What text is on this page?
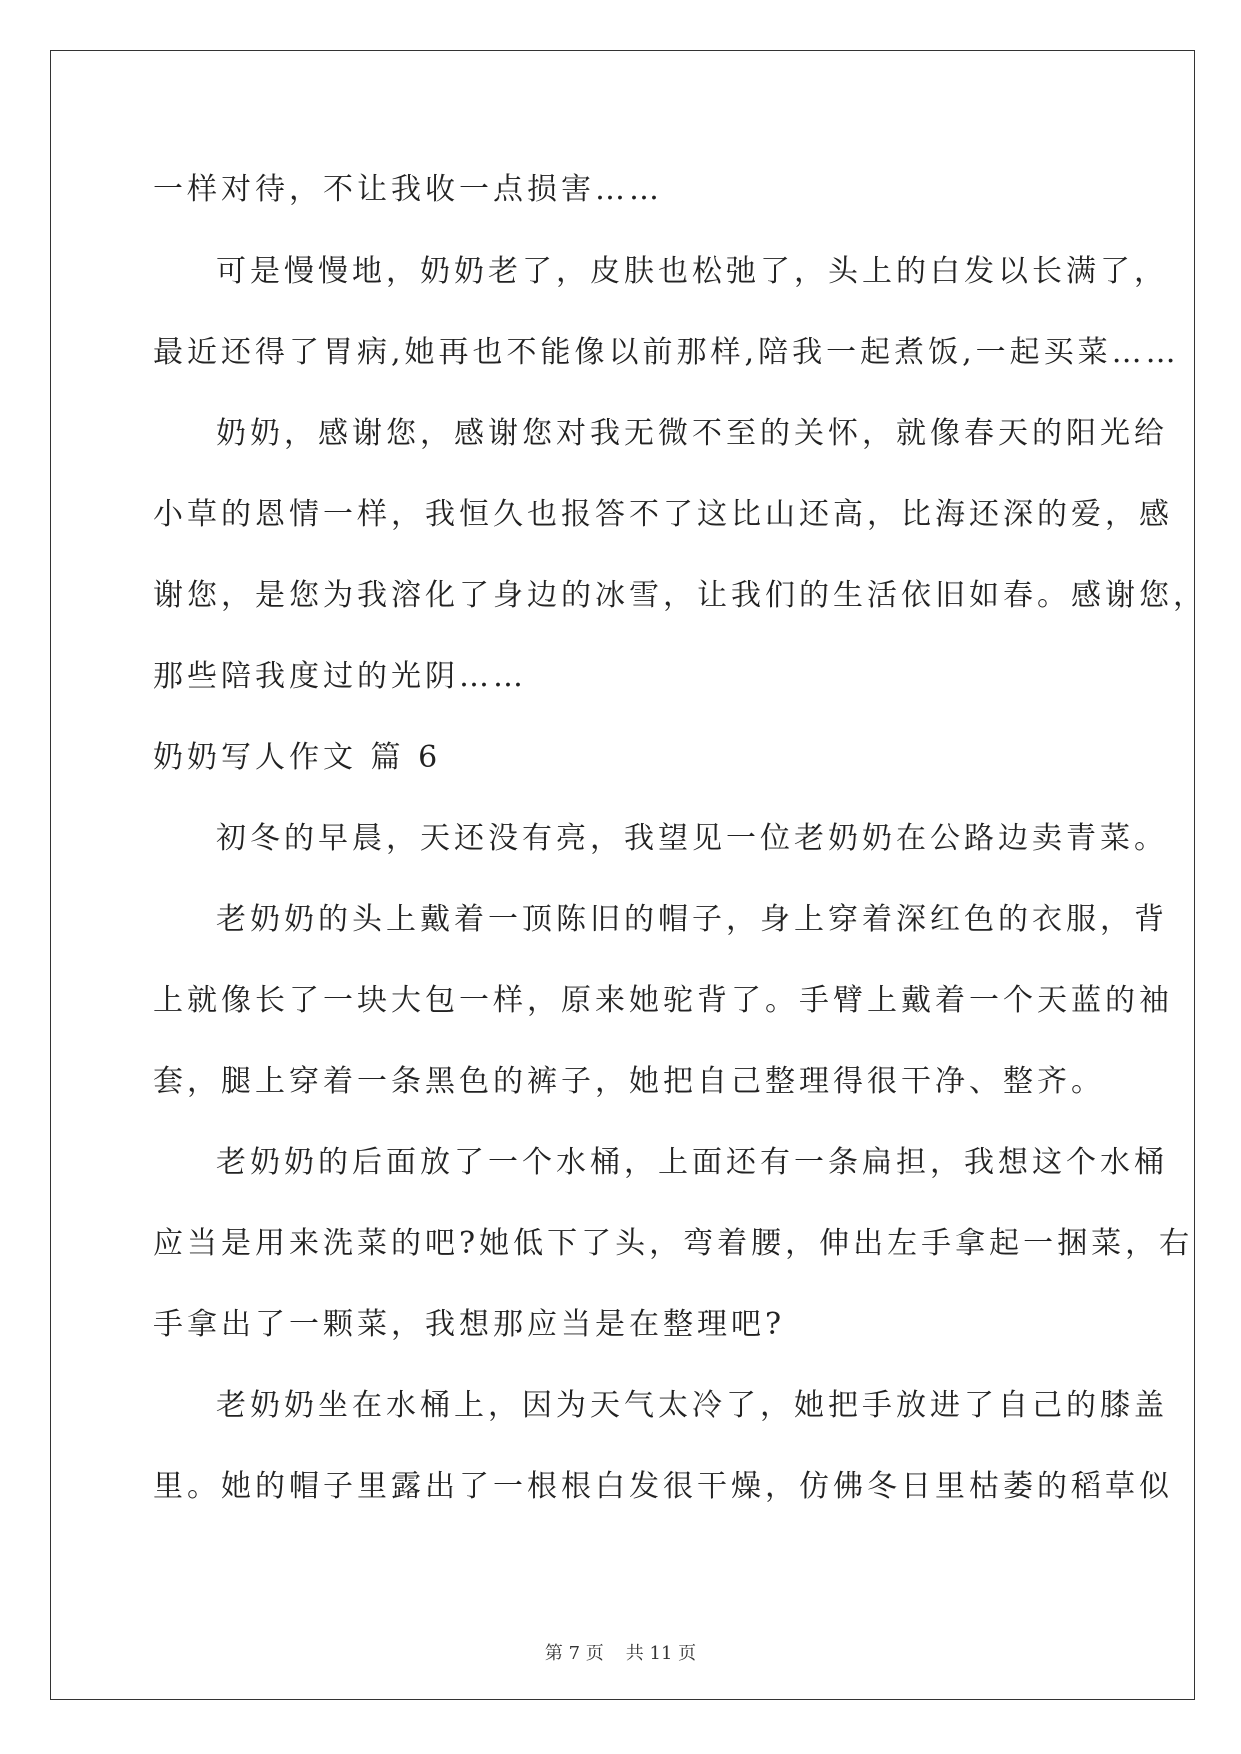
一样对待，不让我收一点损害……
可是慢慢地，奶奶老了，皮肤也松弛了，头上的白发以长满了，
最近还得了胃病,她再也不能像以前那样,陪我一起煮饭,一起买菜……
奶奶，感谢您，感谢您对我无微不至的关怀，就像春天的阳光给
小草的恩情一样，我恒久也报答不了这比山还高，比海还深的爱，感
谢您，是您为我溶化了身边的冰雪，让我们的生活依旧如春。感谢您，
那些陪我度过的光阴……
奶奶写人作文 篇 6
初冬的早晨，天还没有亮，我望见一位老奶奶在公路边卖青菜。
老奶奶的头上戴着一顶陈旧的帽子，身上穿着深红色的衣服，背
上就像长了一块大包一样，原来她驼背了。手臂上戴着一个天蓝的袖
套，腿上穿着一条黑色的裤子，她把自己整理得很干净、整齐。
老奶奶的后面放了一个水桶，上面还有一条扁担，我想这个水桶
应当是用来洗菜的吧?她低下了头，弯着腰，伸出左手拿起一捆菜，右
手拿出了一颗菜，我想那应当是在整理吧?
老奶奶坐在水桶上，因为天气太冷了，她把手放进了自己的膝盖
里。她的帽子里露出了一根根白发很干燥，仿佛冬日里枯萎的稻草似
第 7 页 共 11 页
